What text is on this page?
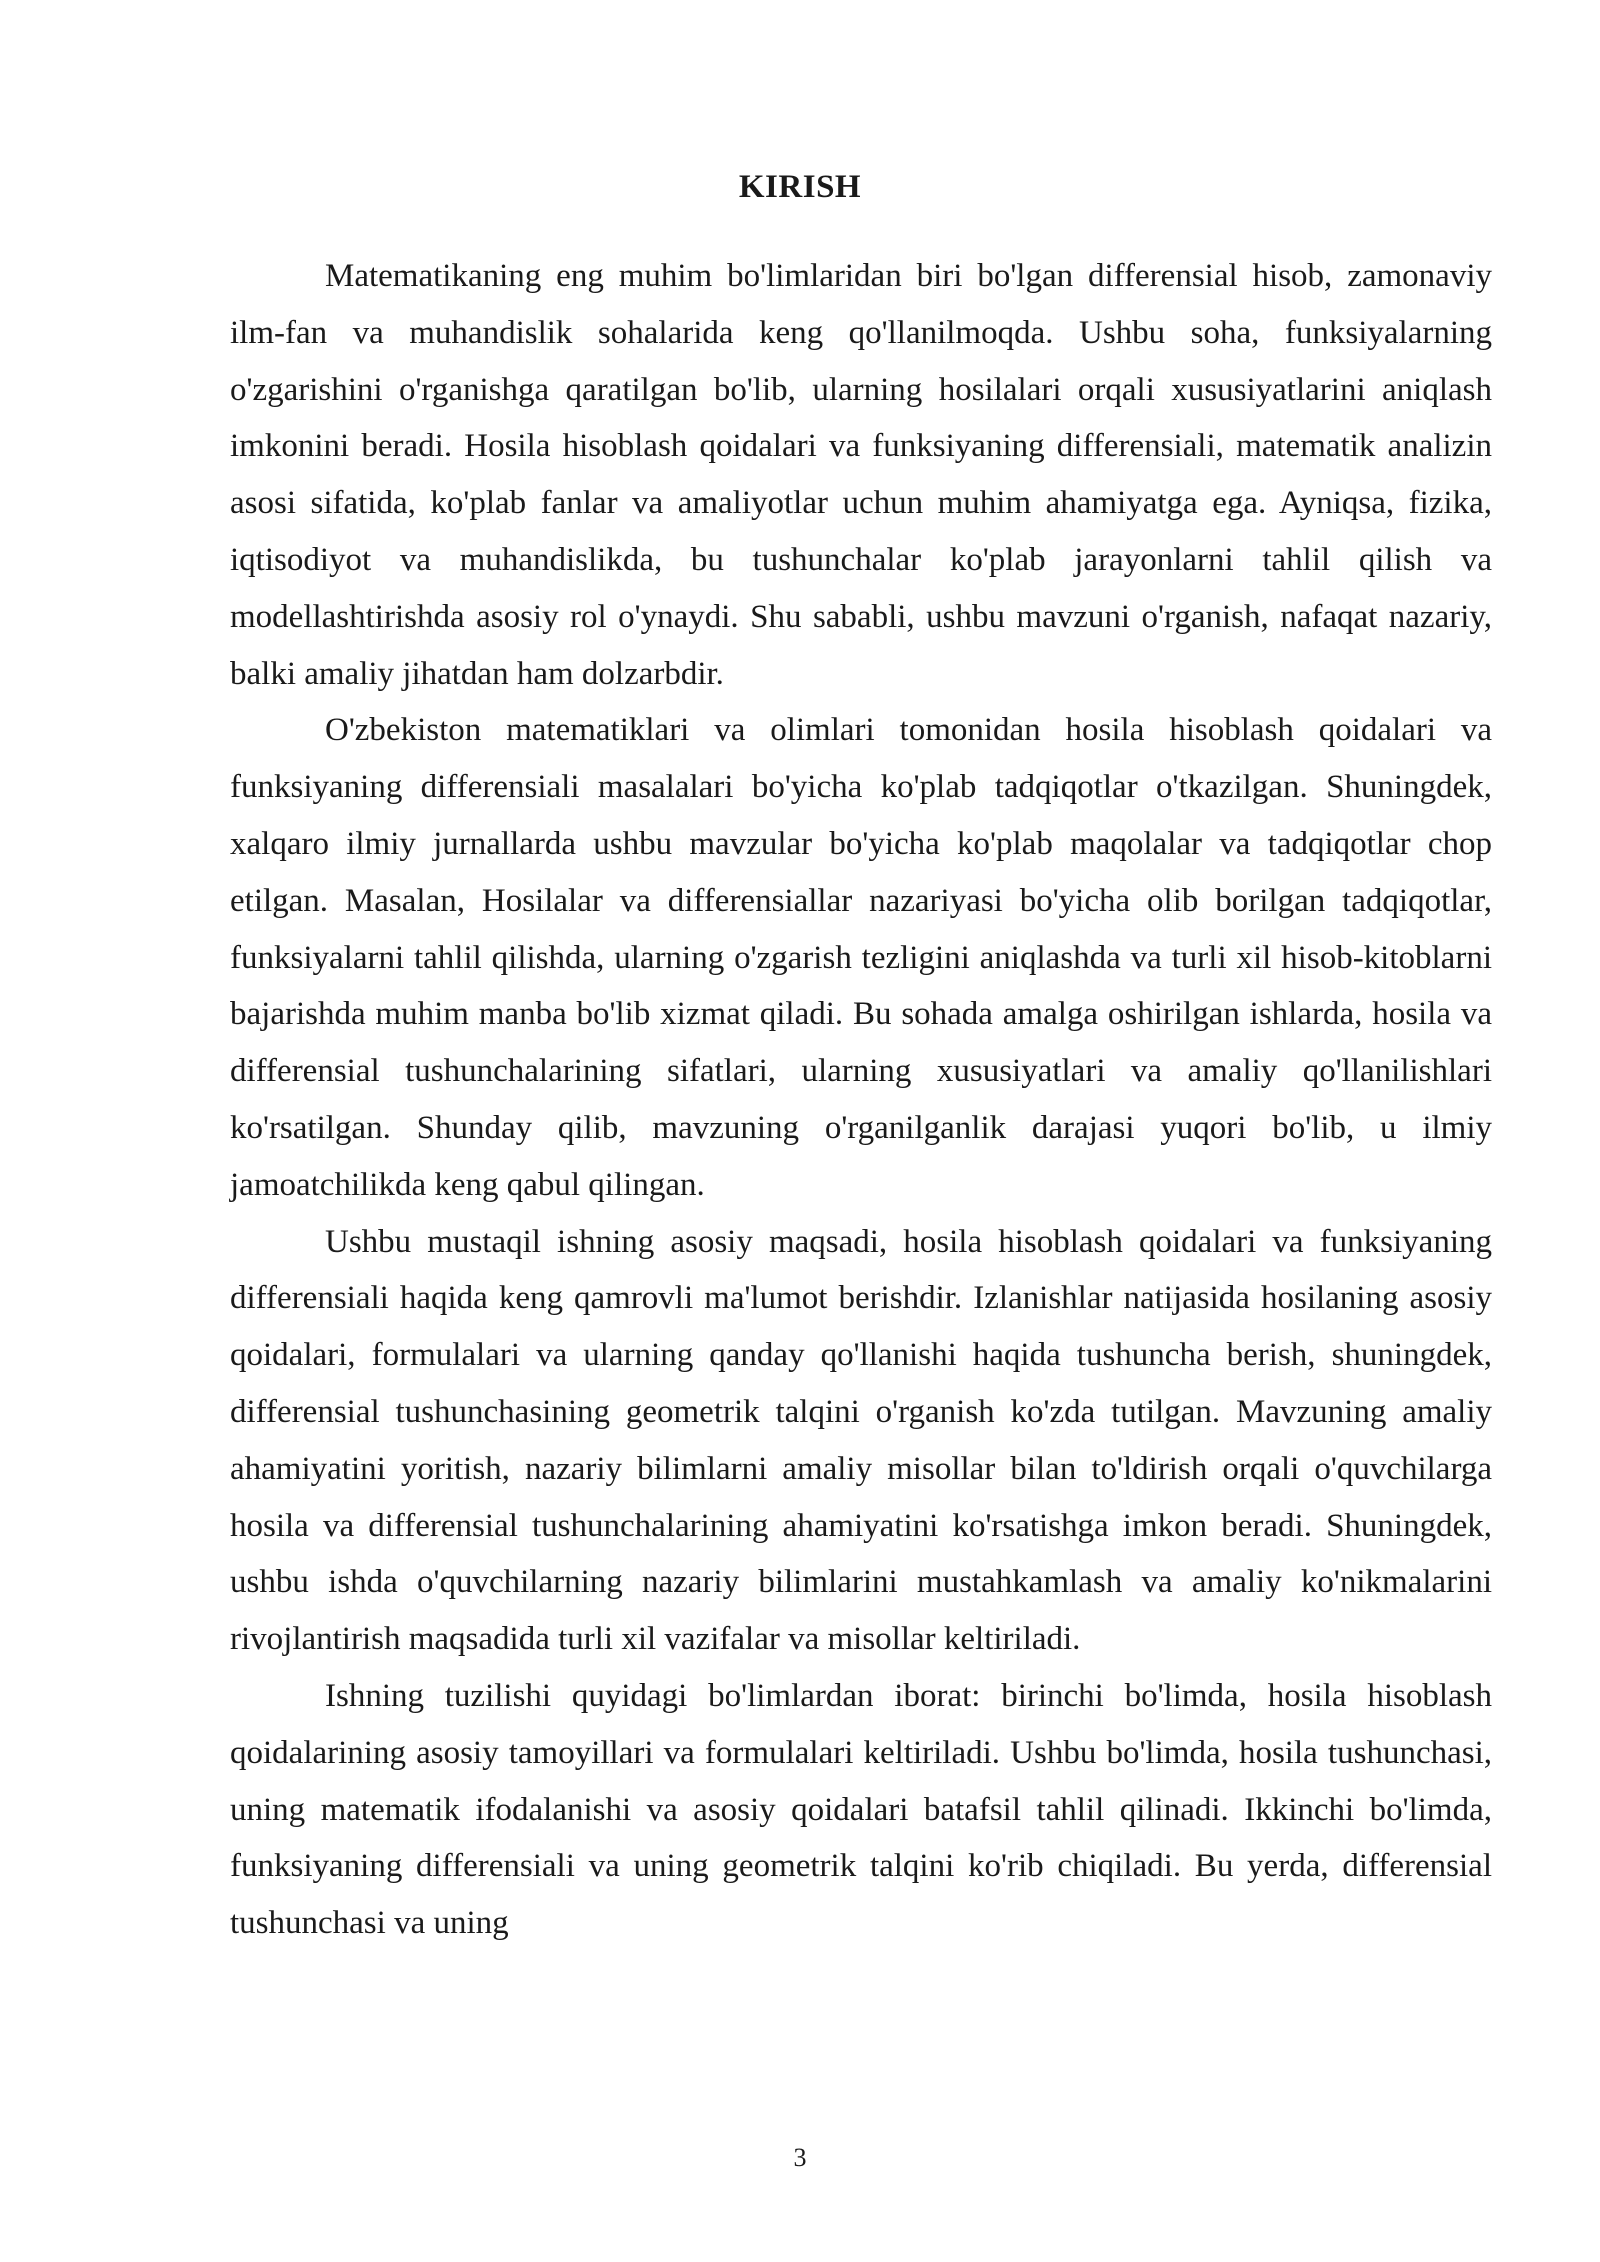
KIRISH

Matematikaning eng muhim bo'limlaridan biri bo'lgan differensial hisob, zamonaviy ilm-fan va muhandislik sohalarida keng qo'llanilmoqda. Ushbu soha, funksiyalarning o'zgarishini o'rganishga qaratilgan bo'lib, ularning hosilalari orqali xususiyatlarini aniqlash imkonini beradi. Hosila hisoblash qoidalari va funksiyaning differensiali, matematik analizin asosi sifatida, ko'plab fanlar va amaliyotlar uchun muhim ahamiyatga ega. Ayniqsa, fizika, iqtisodiyot va muhandislikda, bu tushunchalar ko'plab jarayonlarni tahlil qilish va modellashtirishda asosiy rol o'ynaydi. Shu sababli, ushbu mavzuni o'rganish, nafaqat nazariy, balki amaliy jihatdan ham dolzarbdir.

O'zbekiston matematiklari va olimlari tomonidan hosila hisoblash qoidalari va funksiyaning differensiali masalalari bo'yicha ko'plab tadqiqotlar o'tkazilgan. Shuningdek, xalqaro ilmiy jurnallarda ushbu mavzular bo'yicha ko'plab maqolalar va tadqiqotlar chop etilgan. Masalan, Hosilalar va differensiallar nazariyasi bo'yicha olib borilgan tadqiqotlar, funksiyalarni tahlil qilishda, ularning o'zgarish tezligini aniqlashda va turli xil hisob-kitoblarni bajarishda muhim manba bo'lib xizmat qiladi. Bu sohada amalga oshirilgan ishlarda, hosila va differensial tushunchalarining sifatlari, ularning xususiyatlari va amaliy qo'llanilishlari ko'rsatilgan. Shunday qilib, mavzuning o'rganilganlik darajasi yuqori bo'lib, u ilmiy jamoatchilikda keng qabul qilingan.

Ushbu mustaqil ishning asosiy maqsadi, hosila hisoblash qoidalari va funksiyaning differensiali haqida keng qamrovli ma'lumot berishdir. Izlanishlar natijasida hosilaning asosiy qoidalari, formulalari va ularning qanday qo'llanishi haqida tushuncha berish, shuningdek, differensial tushunchasining geometrik talqini o'rganish ko'zda tutilgan. Mavzuning amaliy ahamiyatini yoritish, nazariy bilimlarni amaliy misollar bilan to'ldirish orqali o'quvchilarga hosila va differensial tushunchalarining ahamiyatini ko'rsatishga imkon beradi. Shuningdek, ushbu ishda o'quvchilarning nazariy bilimlarini mustahkamlash va amaliy ko'nikmalarini rivojlantirish maqsadida turli xil vazifalar va misollar keltiriladi.

Ishning tuzilishi quyidagi bo'limlardan iborat: birinchi bo'limda, hosila hisoblash qoidalarining asosiy tamoyillari va formulalari keltiriladi. Ushbu bo'limda, hosila tushunchasi, uning matematik ifodalanishi va asosiy qoidalari batafsil tahlil qilinadi. Ikkinchi bo'limda, funksiyaning differensiali va uning geometrik talqini ko'rib chiqiladi. Bu yerda, differensial tushunchasi va uning

3
